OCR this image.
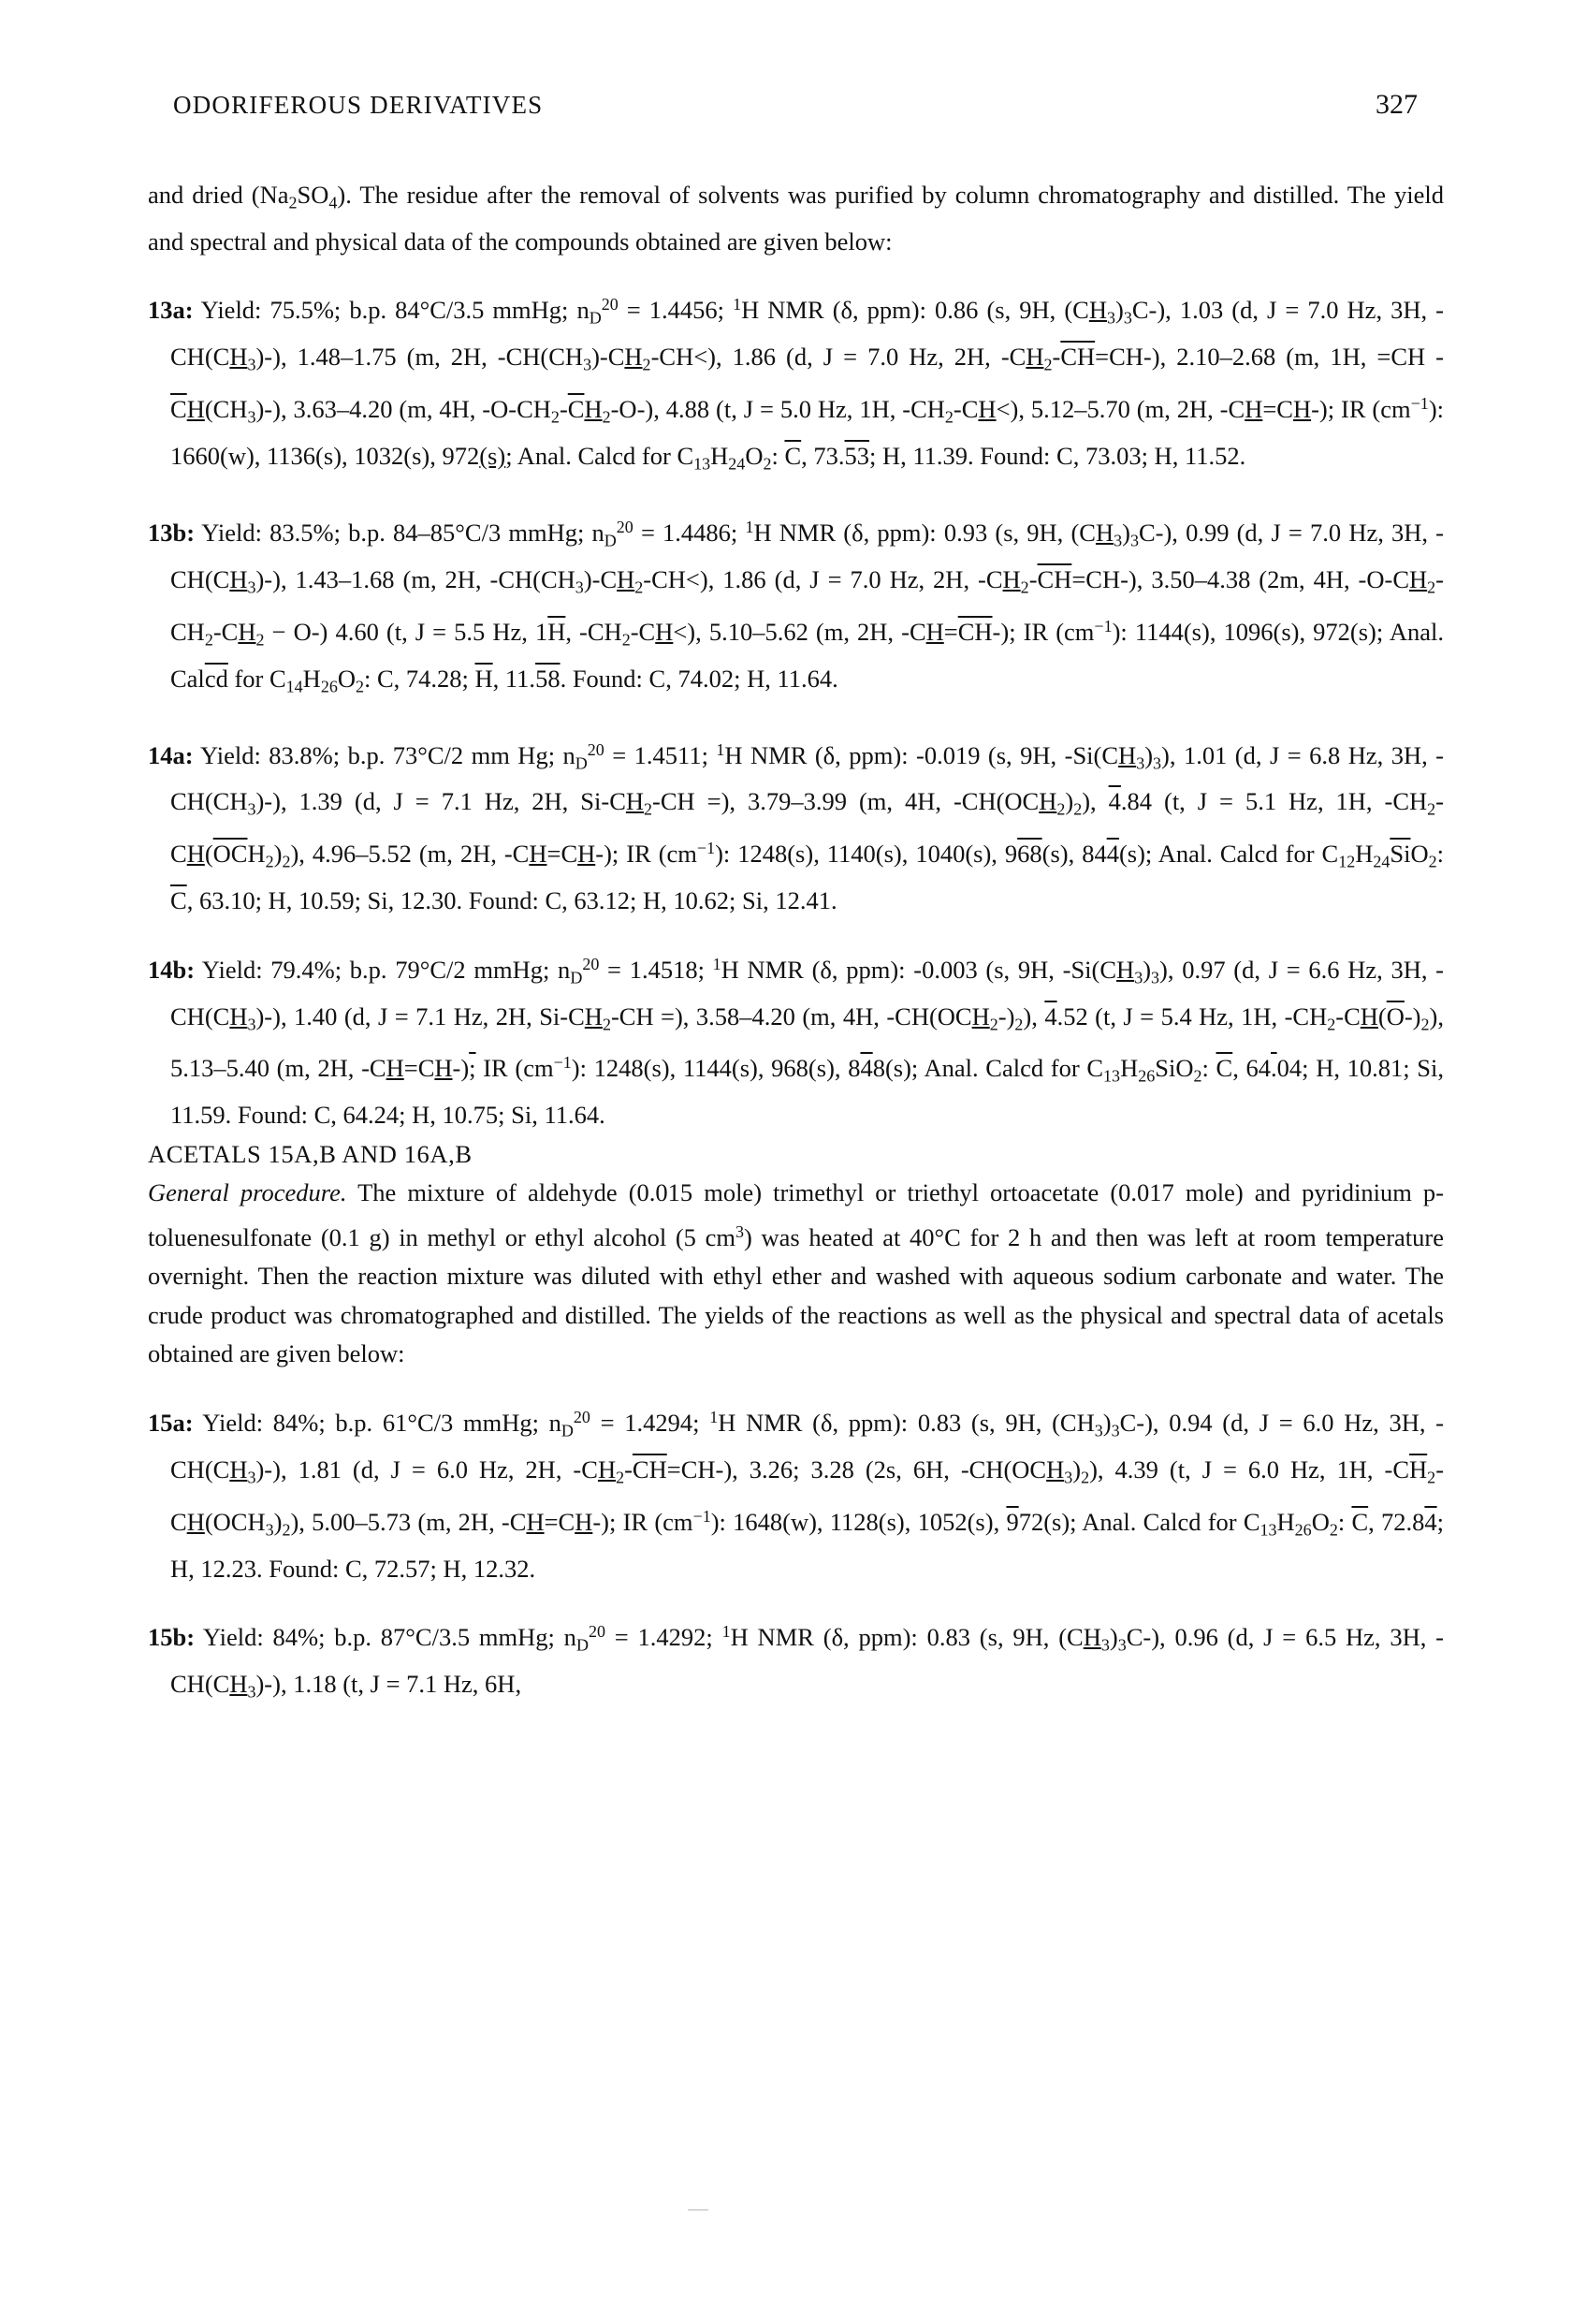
ODORIFEROUS DERIVATIVES	327

and dried $(Na_2SO_4)$. The residue after the removal of solvents was purified by column chromatography and distilled. The yield and spectral and physical data of the compounds obtained are given below:

13a: Yield: 75.5%; b.p. 84°C/3.5 mmHg; $n_D^{20} = 1.4456$; $^1$H NMR (δ, ppm): 0.86 (s, 9H, $(CH_3)_3C-$), 1.03 (d, J = 7.0 Hz, 3H, $-CH(CH_3)-$), 1.48–1.75 (m, 2H, $-CH(CH_3)-CH_2-CH<$), 1.86 (d, J = 7.0 Hz, 2H, $-CH_2-\overline{CH}=CH-$), 2.10–2.68 (m, 1H, =CH $-\overline{C}H(CH_3)-$), 3.63–4.20 (m, 4H, $-O-CH_2-\overline{C}H_2-O-$), 4.88 (t, J = 5.0 Hz, 1H, $-CH_2-CH<$), 5.12–5.70 (m, 2H, -CH=CH-); IR $(cm^{-1})$: 1660(w), 1136(s), 1032(s), 972(s); Anal. Calcd for $C_{13}H_{24}O_2$: $\overline{C}$, 73.53; H, 11.39. Found: C, 73.03; H, 11.52.

13b: Yield: 83.5%; b.p. 84–85°C/3 mmHg; $n_D^{20} = 1.4486$; $^1$H NMR (δ, ppm): 0.93 (s, 9H, $(CH_3)_3C-$), 0.99 (d, J = 7.0 Hz, 3H, $-CH(CH_3)-$), 1.43–1.68 (m, 2H, $-CH(CH_3)-CH_2-CH<$), 1.86 (d, J = 7.0 Hz, 2H, $-CH_2-\overline{CH}=CH-$), 3.50–4.38 (2m, 4H, $-O-CH_2-CH_2-CH_2 - O-$) 4.60 (t, J = 5.5 Hz, $1\overline{H}$, $-CH_2-CH<$), 5.10–5.62 (m, 2H, $-CH=\overline{CH}-$); IR $(cm^{-1})$: 1144(s), 1096(s), 972(s); Anal. $Cal\overline{cd}$ for $C_{14}H_{26}O_2$: C, 74.28; $\overline{H}$, 11.58. Found: C, 74.02; H, 11.64.

14a: Yield: 83.8%; b.p. 73°C/2 mm Hg; $n_D^{20} = 1.4511$; $^1$H NMR (δ, ppm): -0.019 (s, 9H, $-Si(CH_3)_3$), 1.01 (d, J = 6.8 Hz, 3H, $-CH(CH_3)-$), 1.39 (d, J = 7.1 Hz, 2H, $Si-CH_2-CH$ =), 3.79–3.99 (m, 4H, $-CH(OCH_2)_2$), 4.84 (t, J = 5.1 Hz, 1H, $-CH_2-CH(\overline{OC}H_2)_2$), 4.96–5.52 (m, 2H, -CH=CH-); IR $(cm^{-1})$: 1248(s), 1140(s), 1040(s), 968(s), 844(s); Anal. Calcd for $C_{12}H_{24}\overline{Si}O_2$: $\overline{C}$, 63.10; H, 10.59; Si, 12.30. Found: C, 63.12; H, 10.62; Si, 12.41.

14b: Yield: 79.4%; b.p. 79°C/2 mmHg; $n_D^{20} = 1.4518$; $^1$H NMR (δ, ppm): -0.003 (s, 9H, $-Si(CH_3)_3$), 0.97 (d, J = 6.6 Hz, 3H, $-CH(CH_3)-$), 1.40 (d, J = 7.1 Hz, 2H, $Si-CH_2-CH$ =), 3.58–4.20 (m, 4H, $-CH(OCH_2-)_2$), 4.52 (t, J = 5.4 Hz, 1H, $-CH_2-CH(\overline{O}-)_2$), 5.13–5.40 (m, 2H, -CH=CH-); IR $(cm^{-1})$: 1248(s), 1144(s), 968(s), 848(s); Anal. Calcd for $C_{13}H_{26}SiO_2$: $\overline{C}$, 64.04; H, 10.81; Si, 11.59. Found: C, 64.24; H, 10.75; Si, 11.64.

ACETALS 15A,B AND 16A,B

General procedure. The mixture of aldehyde (0.015 mole) trimethyl or triethyl ortoacetate (0.017 mole) and pyridinium p-toluenesulfonate (0.1 g) in methyl or ethyl alcohol (5 $cm^3$) was heated at 40°C for 2 h and then was left at room temperature overnight. Then the reaction mixture was diluted with ethyl ether and washed with aqueous sodium carbonate and water. The crude product was chromatographed and distilled. The yields of the reactions as well as the physical and spectral data of acetals obtained are given below:

15a: Yield: 84%; b.p. 61°C/3 mmHg; $n_D^{20} = 1.4294$; $^1$H NMR (δ, ppm): 0.83 (s, 9H, $(CH_3)_3C-$), 0.94 (d, J = 6.0 Hz, 3H, $-CH(CH_3)-$), 1.81 (d, J = 6.0 Hz, 2H, $-CH_2-\overline{CH}=CH-$), 3.26; 3.28 (2s, 6H, $-CH(OCH_3)_2$), 4.39 (t, J = 6.0 Hz, 1H, $-C\overline{H}_2-CH(OCH_3)_2$), 5.00–5.73 (m, 2H, -CH=CH-); IR $(cm^{-1})$: 1648(w), 1128(s), 1052(s), 972(s); Anal. Calcd for $C_{13}H_{26}O_2$: $\overline{C}$, 72.84; H, 12.23. Found: C, 72.57; H, 12.32.

15b: Yield: 84%; b.p. 87°C/3.5 mmHg; $n_D^{20} = 1.4292$; $^1$H NMR (δ, ppm): 0.83 (s, 9H, $(CH_3)_3C-$), 0.96 (d, J = 6.5 Hz, 3H, $-CH(CH_3)-$), 1.18 (t, J = 7.1 Hz, 6H,
